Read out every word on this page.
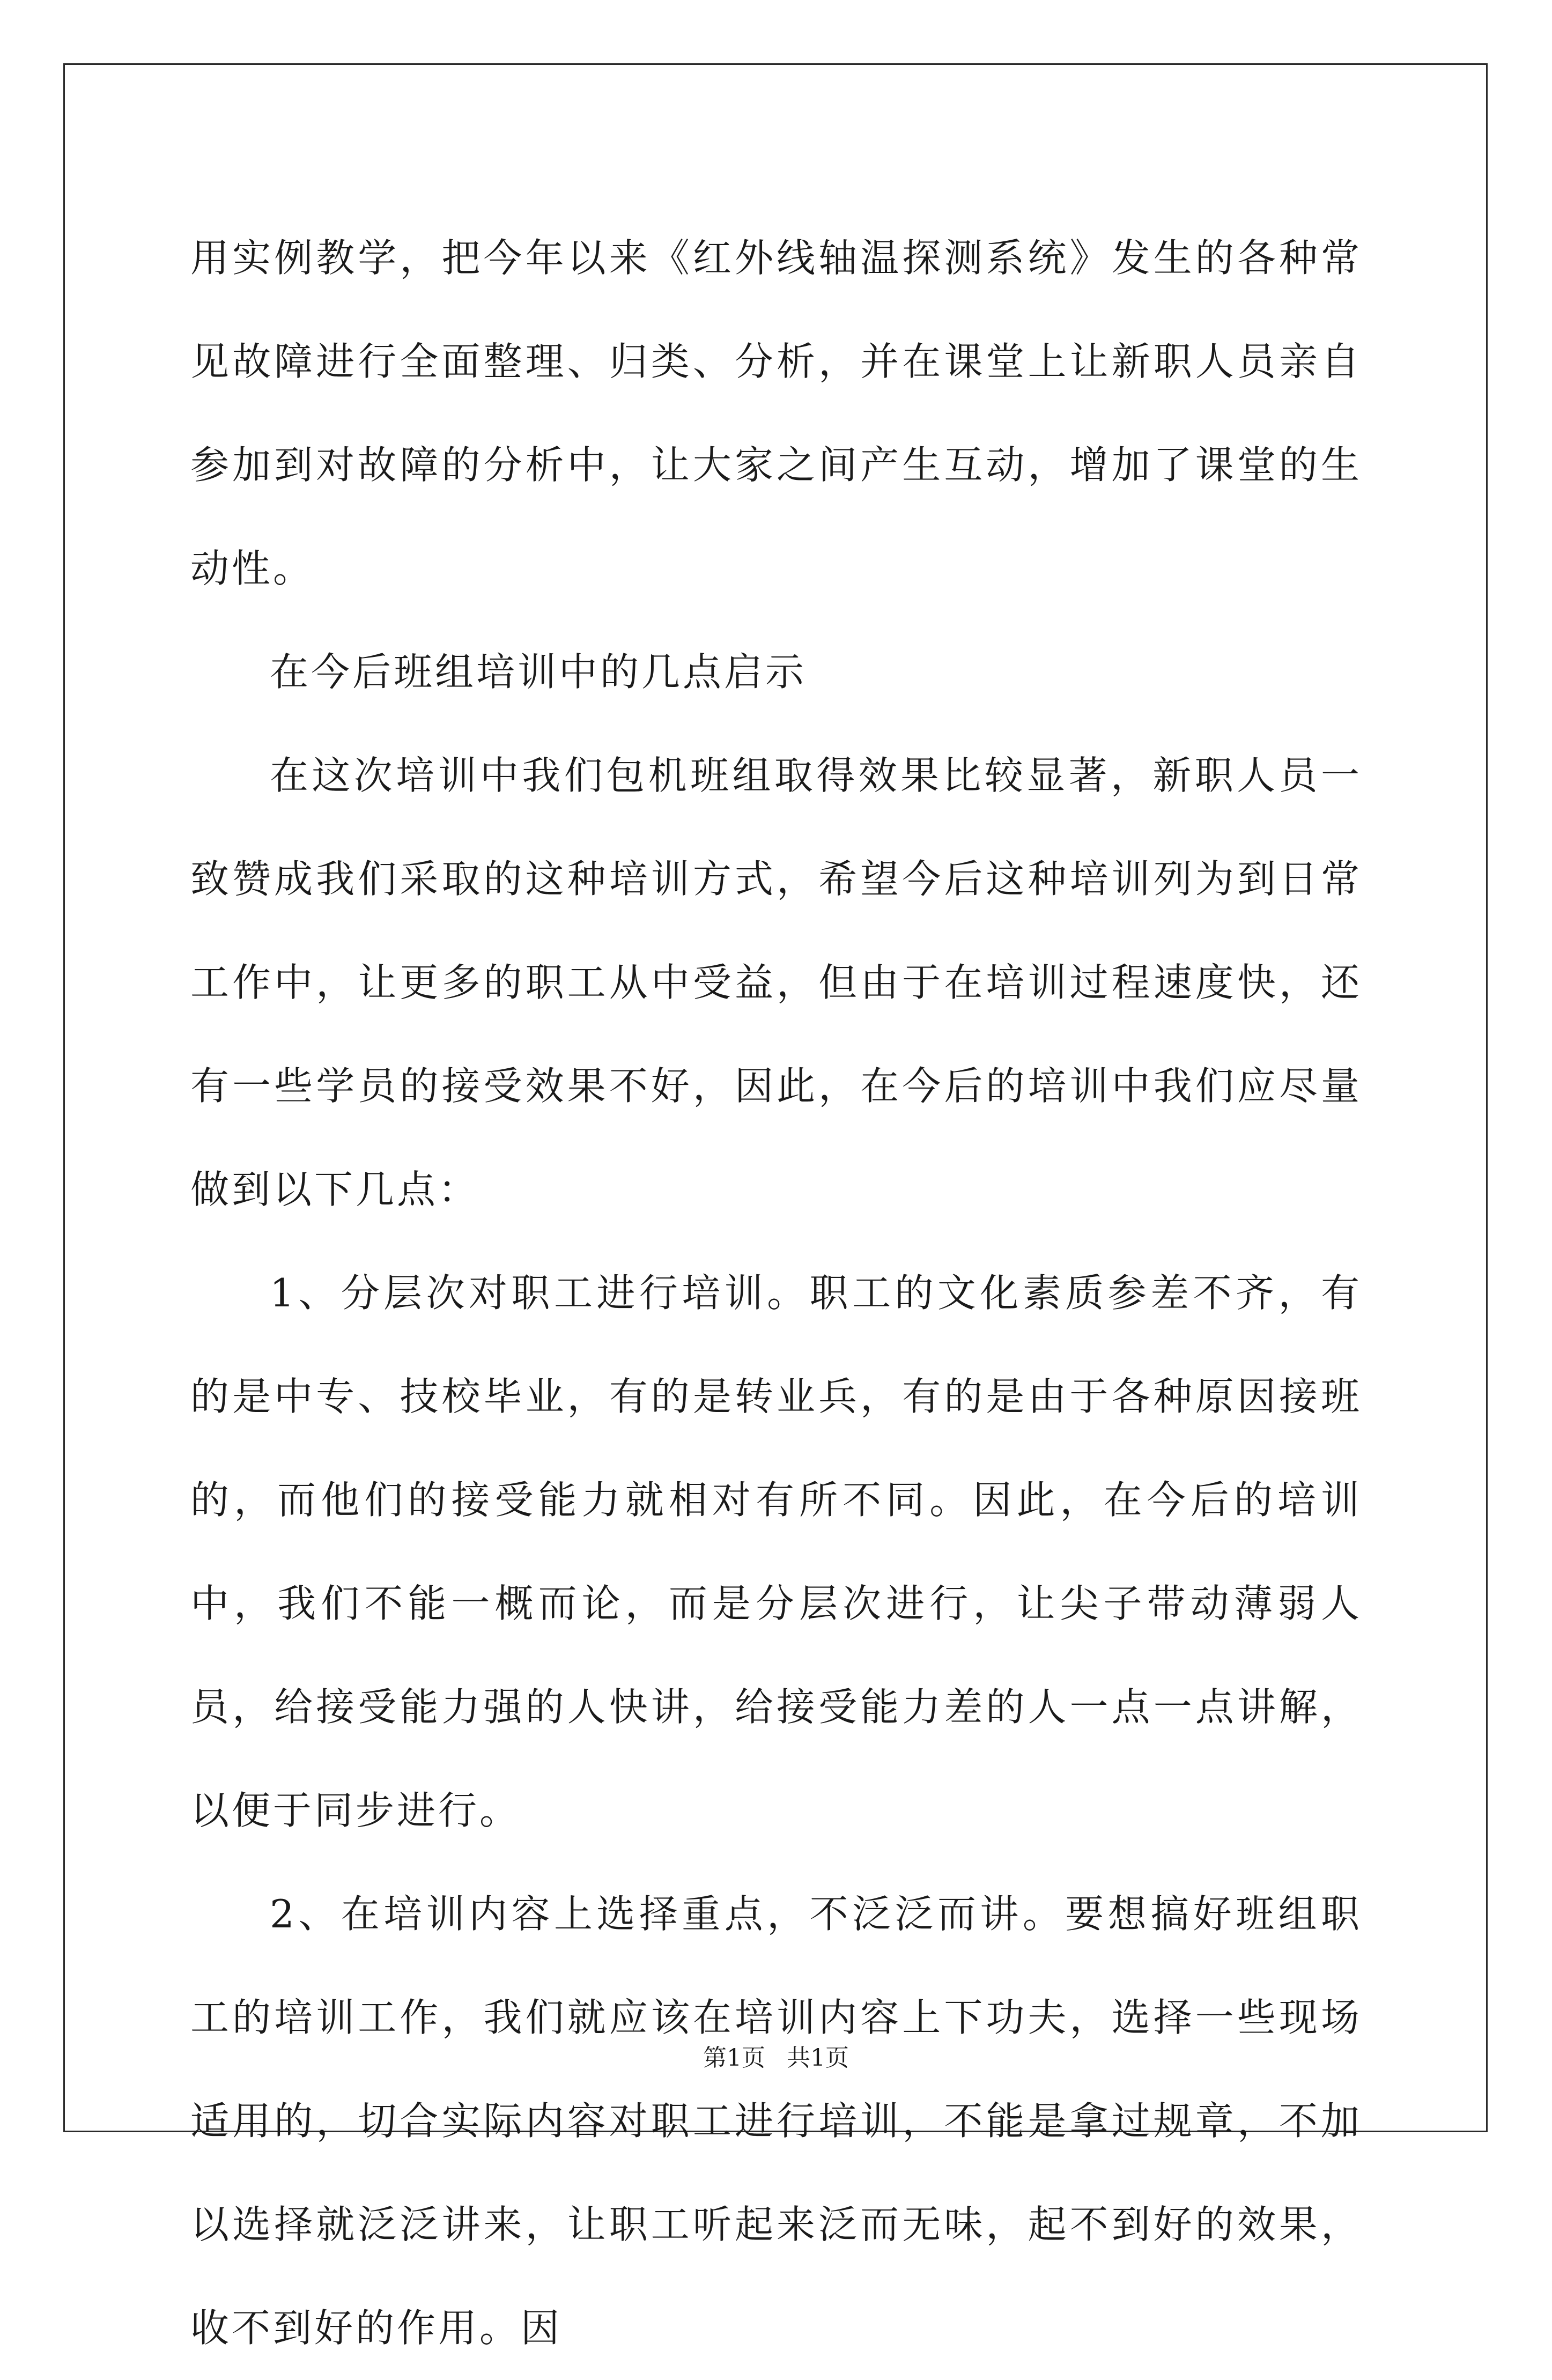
用实例教学，把今年以来《红外线轴温探测系统》发生的各种常见故障进行全面整理、归类、分析，并在课堂上让新职人员亲自参加到对故障的分析中，让大家之间产生互动，增加了课堂的生动性。

在今后班组培训中的几点启示

在这次培训中我们包机班组取得效果比较显著，新职人员一致赞成我们采取的这种培训方式，希望今后这种培训列为到日常工作中，让更多的职工从中受益，但由于在培训过程速度快，还有一些学员的接受效果不好，因此，在今后的培训中我们应尽量做到以下几点：

1、分层次对职工进行培训。职工的文化素质参差不齐，有的是中专、技校毕业，有的是转业兵，有的是由于各种原因接班的，而他们的接受能力就相对有所不同。因此，在今后的培训中，我们不能一概而论，而是分层次进行，让尖子带动薄弱人员，给接受能力强的人快讲，给接受能力差的人一点一点讲解，以便于同步进行。

2、在培训内容上选择重点，不泛泛而讲。要想搞好班组职工的培训工作，我们就应该在培训内容上下功夫，选择一些现场适用的，切合实际内容对职工进行培训，不能是拿过规章，不加以选择就泛泛讲来，让职工听起来泛而无味，起不到好的效果，收不到好的作用。因

第1页 共1页
